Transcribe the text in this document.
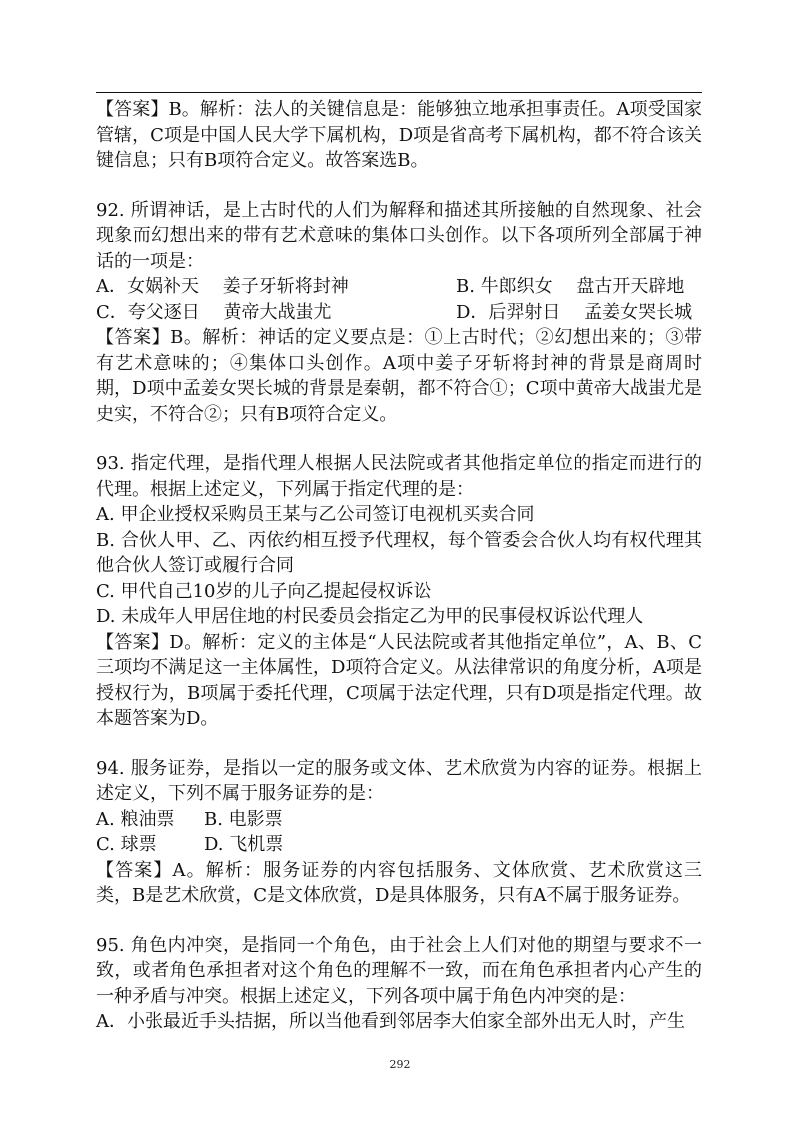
【答案】B。解析：法人的关键信息是：能够独立地承担事责任。A项受国家管辖，C项是中国人民大学下属机构，D项是省高考下属机构，都不符合该关键信息；只有B项符合定义。故答案选B。

92. 所谓神话，是上古时代的人们为解释和描述其所接触的自然现象、社会现象而幻想出来的带有艺术意味的集体口头创作。以下各项所列全部属于神话的一项是：

A．女娲补天　 姜子牙斩将封神	B. 牛郎织女　 盘古开天辟地
C．夸父逐日　 黄帝大战蚩尤	D．后羿射日　 孟姜女哭长城

【答案】B。解析：神话的定义要点是：①上古时代；②幻想出来的；③带有艺术意味的；④集体口头创作。A项中姜子牙斩将封神的背景是商周时期，D项中孟姜女哭长城的背景是秦朝，都不符合①；C项中黄帝大战蚩尤是史实，不符合②；只有B项符合定义。

93. 指定代理，是指代理人根据人民法院或者其他指定单位的指定而进行的代理。根据上述定义，下列属于指定代理的是：

A. 甲企业授权采购员王某与乙公司签订电视机买卖合同

B. 合伙人甲、乙、丙依约相互授予代理权，每个管委会合伙人均有权代理其他合伙人签订或履行合同

C. 甲代自己10岁的儿子向乙提起侵权诉讼

D. 未成年人甲居住地的村民委员会指定乙为甲的民事侵权诉讼代理人

【答案】D。解析：定义的主体是“人民法院或者其他指定单位”，A、B、C三项均不满足这一主体属性，D项符合定义。从法律常识的角度分析，A项是授权行为，B项属于委托代理，C项属于法定代理，只有D项是指定代理。故本题答案为D。

94. 服务证券，是指以一定的服务或文体、艺术欣赏为内容的证券。根据上述定义，下列不属于服务证券的是：

A. 粮油票	B. 电影票
C. 球票	D. 飞机票

【答案】A。解析：服务证券的内容包括服务、文体欣赏、艺术欣赏这三类，B是艺术欣赏，C是文体欣赏，D是具体服务，只有A不属于服务证券。

95. 角色内冲突，是指同一个角色，由于社会上人们对他的期望与要求不一致，或者角色承担者对这个角色的理解不一致，而在角色承担者内心产生的一种矛盾与冲突。根据上述定义，下列各项中属于角色内冲突的是：

A．小张最近手头拮据，所以当他看到邻居李大伯家全部外出无人时，产生

292
